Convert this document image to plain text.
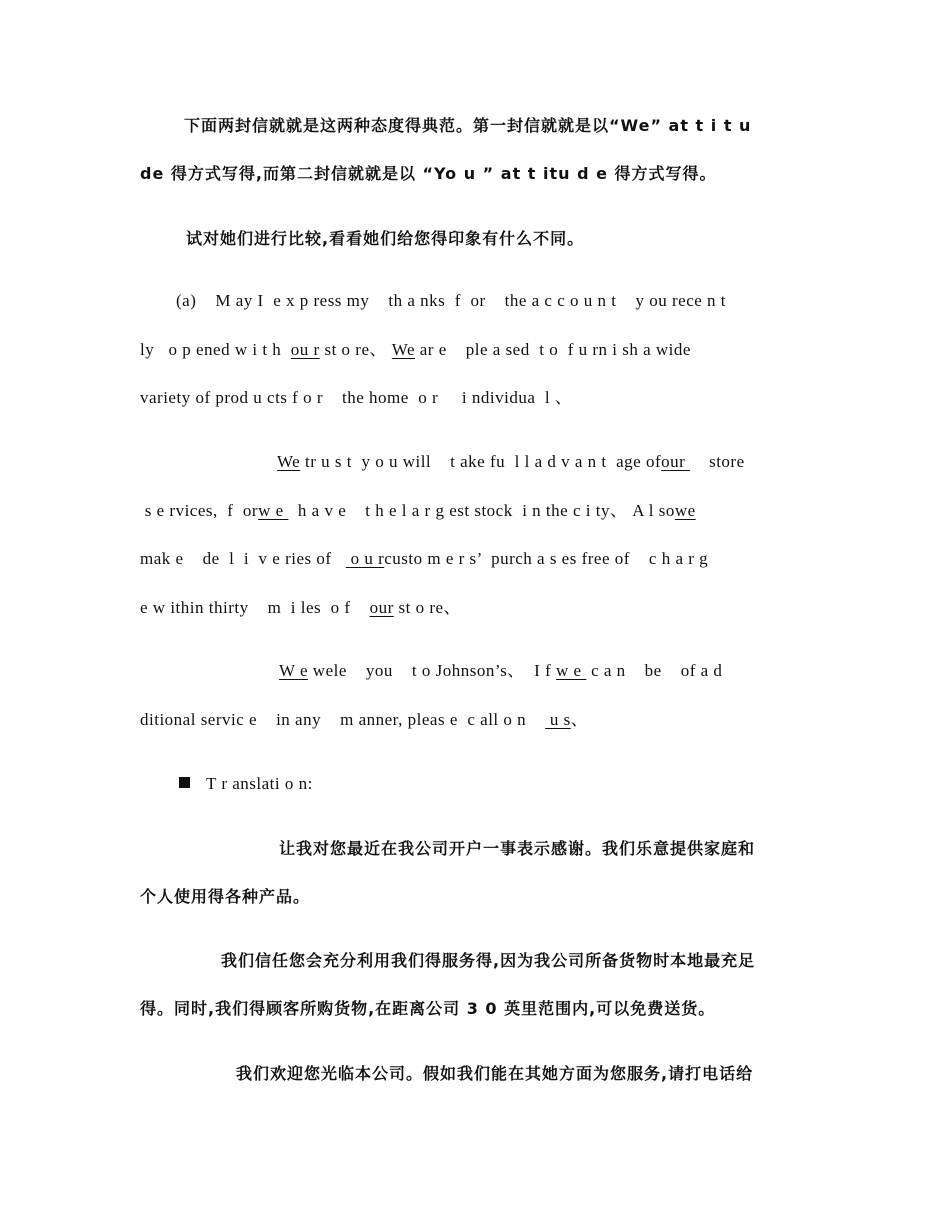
下面两封信就就是这两种态度得典范。第一封信就就是以“We” at t i t u
de 得方式写得,而第二封信就就是以 “Yo u ” at t itu d e 得方式写得。
试对她们进行比较,看看她们给您得印象有什么不同。
(a)    M ay I  e x p ress my    th a nks  f  or    the a c c o u n t    y ou rece n t
ly   o p ened w i t h  ou r st o re、 We ar e    ple a sed  t o  f u rn i sh a wide
variety of prod u cts f o r    the home  o r     i ndividua  l 、
We tr u s t  y o u will    t ake fu  l l a d v a n t  age ofour     store
s e rvices,  f  orw e   h a v e    t h e l a r g est stock  i n the c i ty、 A l sowe
mak e    de  l  i  v e ries of    o u rcusto m e r s’  purch a s es free of    c h a r g
e w ithin thirty    m  i les  o f    our st o re、
W e wele    you    t o Johnson’s、  I f w e  c a n    be    of a d
ditional servic e    in any    m anner, pleas e  c all o n     u s、
T r anslati o n:
让我对您最近在我公司开户一事表示感谢。我们乐意提供家庭和
个人使用得各种产品。
我们信任您会充分利用我们得服务得,因为我公司所备货物时本地最充足
得。同时,我们得顾客所购货物,在距离公司 3 0 英里范围内,可以免费送货。
我们欢迎您光临本公司。假如我们能在其她方面为您服务,请打电话给
